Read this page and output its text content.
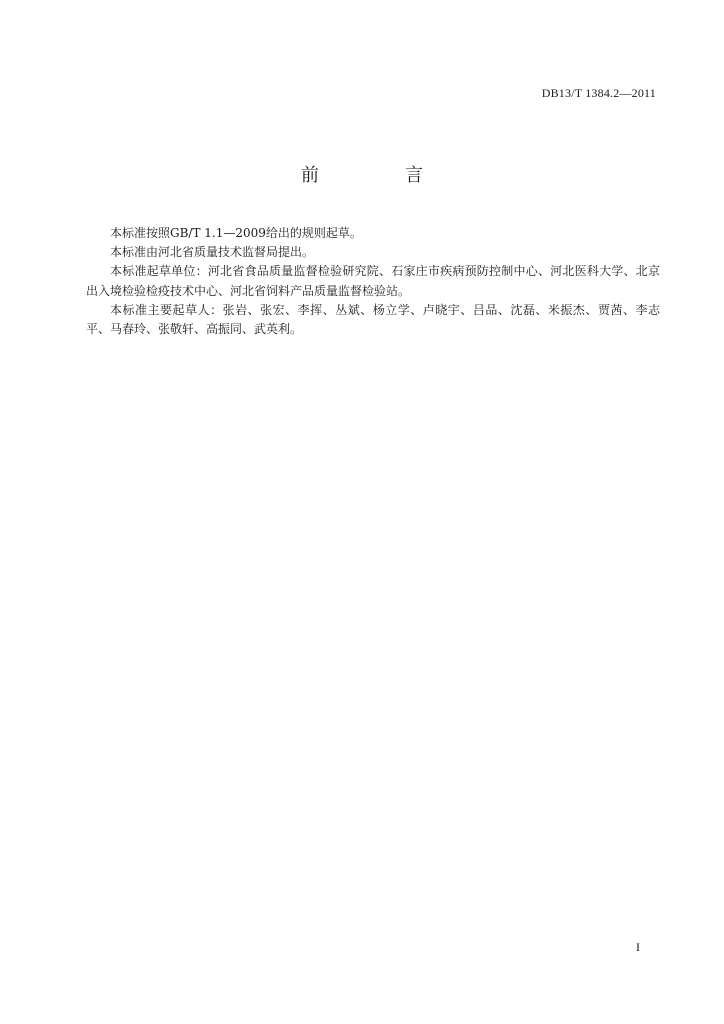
DB13/T 1384.2—2011
前　言

本标准按照GB/T 1.1—2009给出的规则起草。

本标准由河北省质量技术监督局提出。

本标准起草单位：河北省食品质量监督检验研究院、石家庄市疾病预防控制中心、河北医科大学、北京出入境检验检疫技术中心、河北省饲料产品质量监督检验站。

本标准主要起草人：张岩、张宏、李挥、丛斌、杨立学、卢晓宇、吕品、沈磊、米振杰、贾茜、李志平、马春玲、张敬轩、高振同、武英利。

I
